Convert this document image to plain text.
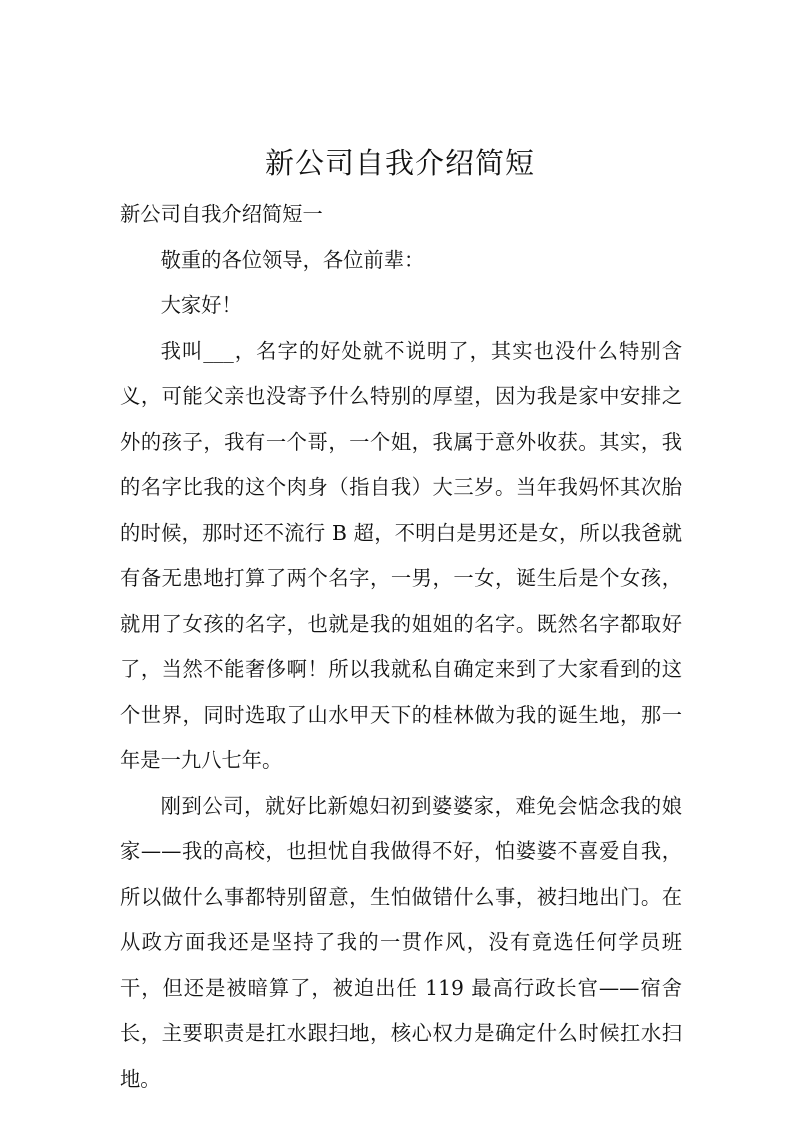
新公司自我介绍简短

新公司自我介绍简短一

敬重的各位领导，各位前辈：

大家好！

我叫___，名字的好处就不说明了，其实也没什么特别含义，可能父亲也没寄予什么特别的厚望，因为我是家中安排之外的孩子，我有一个哥，一个姐，我属于意外收获。其实，我的名字比我的这个肉身（指自我）大三岁。当年我妈怀其次胎的时候，那时还不流行 B 超，不明白是男还是女，所以我爸就有备无患地打算了两个名字，一男，一女，诞生后是个女孩，就用了女孩的名字，也就是我的姐姐的名字。既然名字都取好了，当然不能奢侈啊！所以我就私自确定来到了大家看到的这个世界，同时选取了山水甲天下的桂林做为我的诞生地，那一年是一九八七年。

刚到公司，就好比新媳妇初到婆婆家，难免会惦念我的娘家——我的高校，也担忧自我做得不好，怕婆婆不喜爱自我，所以做什么事都特别留意，生怕做错什么事，被扫地出门。在从政方面我还是坚持了我的一贯作风，没有竟选任何学员班干，但还是被暗算了，被迫出任 119 最高行政长官——宿舍长，主要职责是扛水跟扫地，核心权力是确定什么时候扛水扫地。
